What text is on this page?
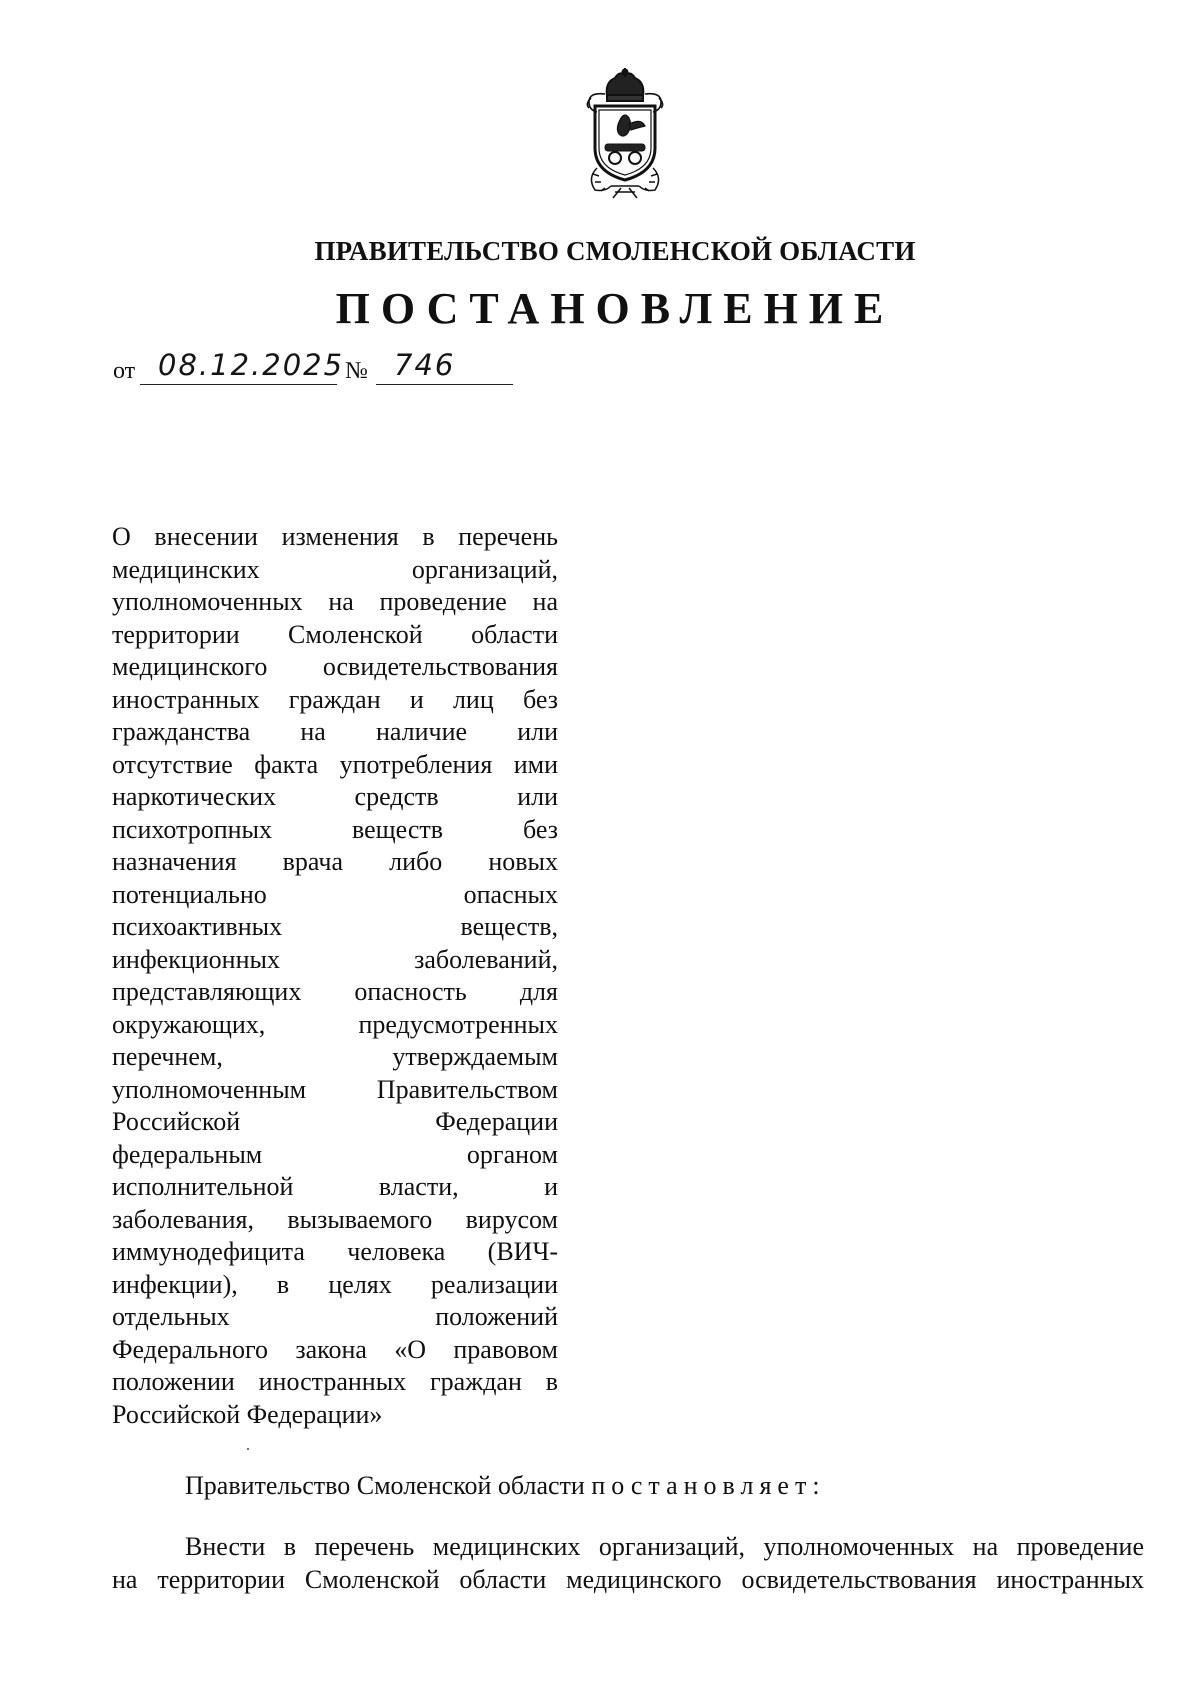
ПРАВИТЕЛЬСТВО СМОЛЕНСКОЙ ОБЛАСТИ
ПОСТАНОВЛЕНИЕ
от 08.12.2025 № 746
О внесении изменения в перечень
медицинских организаций,
уполномоченных на проведение на
территории Смоленской области
медицинского освидетельствования
иностранных граждан и лиц без
гражданства на наличие или
отсутствие факта употребления ими
наркотических средств или
психотропных веществ без
назначения врача либо новых
потенциально опасных
психоактивных веществ,
инфекционных заболеваний,
представляющих опасность для
окружающих, предусмотренных
перечнем, утверждаемым
уполномоченным Правительством
Российской Федерации
федеральным органом
исполнительной власти, и
заболевания, вызываемого вирусом
иммунодефицита человека (ВИЧ-
инфекции), в целях реализации
отдельных положений
Федерального закона «О правовом
положении иностранных граждан в
Российской Федерации»
Правительство Смоленской области постановляет:
Внести в перечень медицинских организаций, уполномоченных на проведение
на территории Смоленской области медицинского освидетельствования иностранных
